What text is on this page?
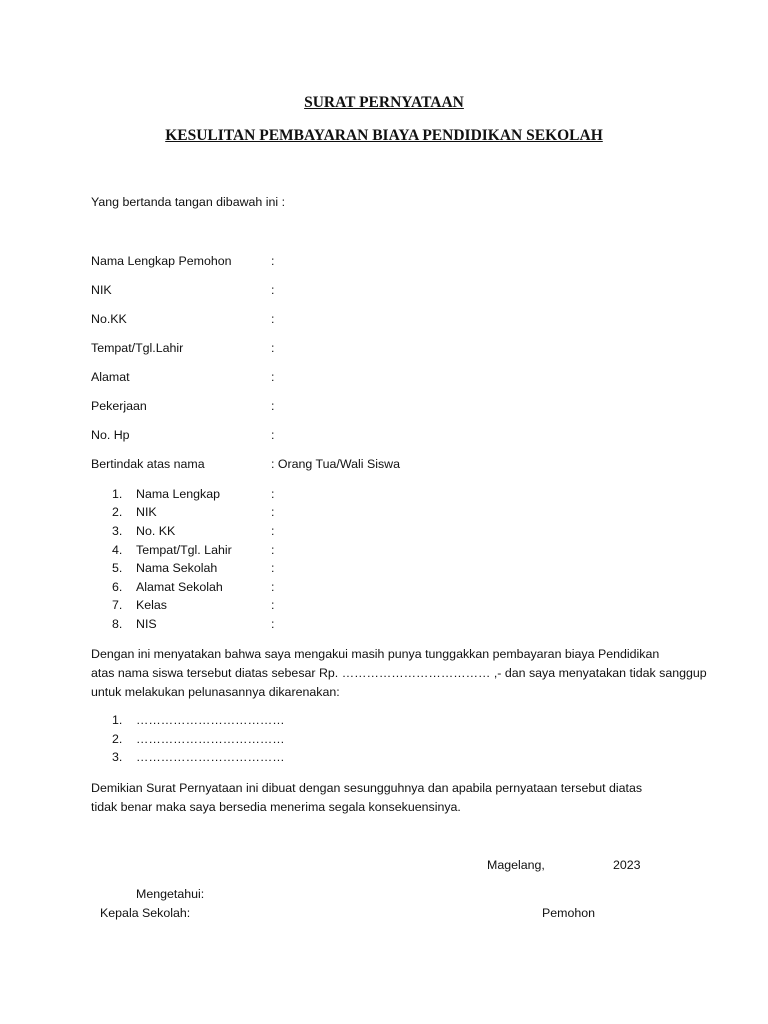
SURAT PERNYATAAN
KESULITAN PEMBAYARAN BIAYA PENDIDIKAN SEKOLAH
Yang bertanda tangan dibawah ini :
Nama Lengkap Pemohon	:
NIK	:
No.KK	:
Tempat/Tgl.Lahir	:
Alamat	:
Pekerjaan	:
No. Hp	:
Bertindak atas nama	: Orang Tua/Wali Siswa
1. Nama Lengkap	:
2. NIK	:
3. No. KK	:
4. Tempat/Tgl. Lahir	:
5. Nama Sekolah	:
6. Alamat Sekolah	:
7. Kelas	:
8. NIS	:
Dengan ini menyatakan bahwa saya mengakui masih punya tunggakkan pembayaran biaya Pendidikan
atas nama siswa tersebut diatas sebesar Rp. ……………………………… ,- dan saya menyatakan tidak sanggup
untuk melakukan pelunasannya dikarenakan:
1. ………………………………
2. ………………………………
3. ………………………………
Demikian Surat Pernyataan ini dibuat dengan sesungguhnya dan apabila pernyataan tersebut diatas
tidak benar maka saya bersedia menerima segala konsekuensinya.
Magelang,	2023
Mengetahui:
Kepala Sekolah:	Pemohon
